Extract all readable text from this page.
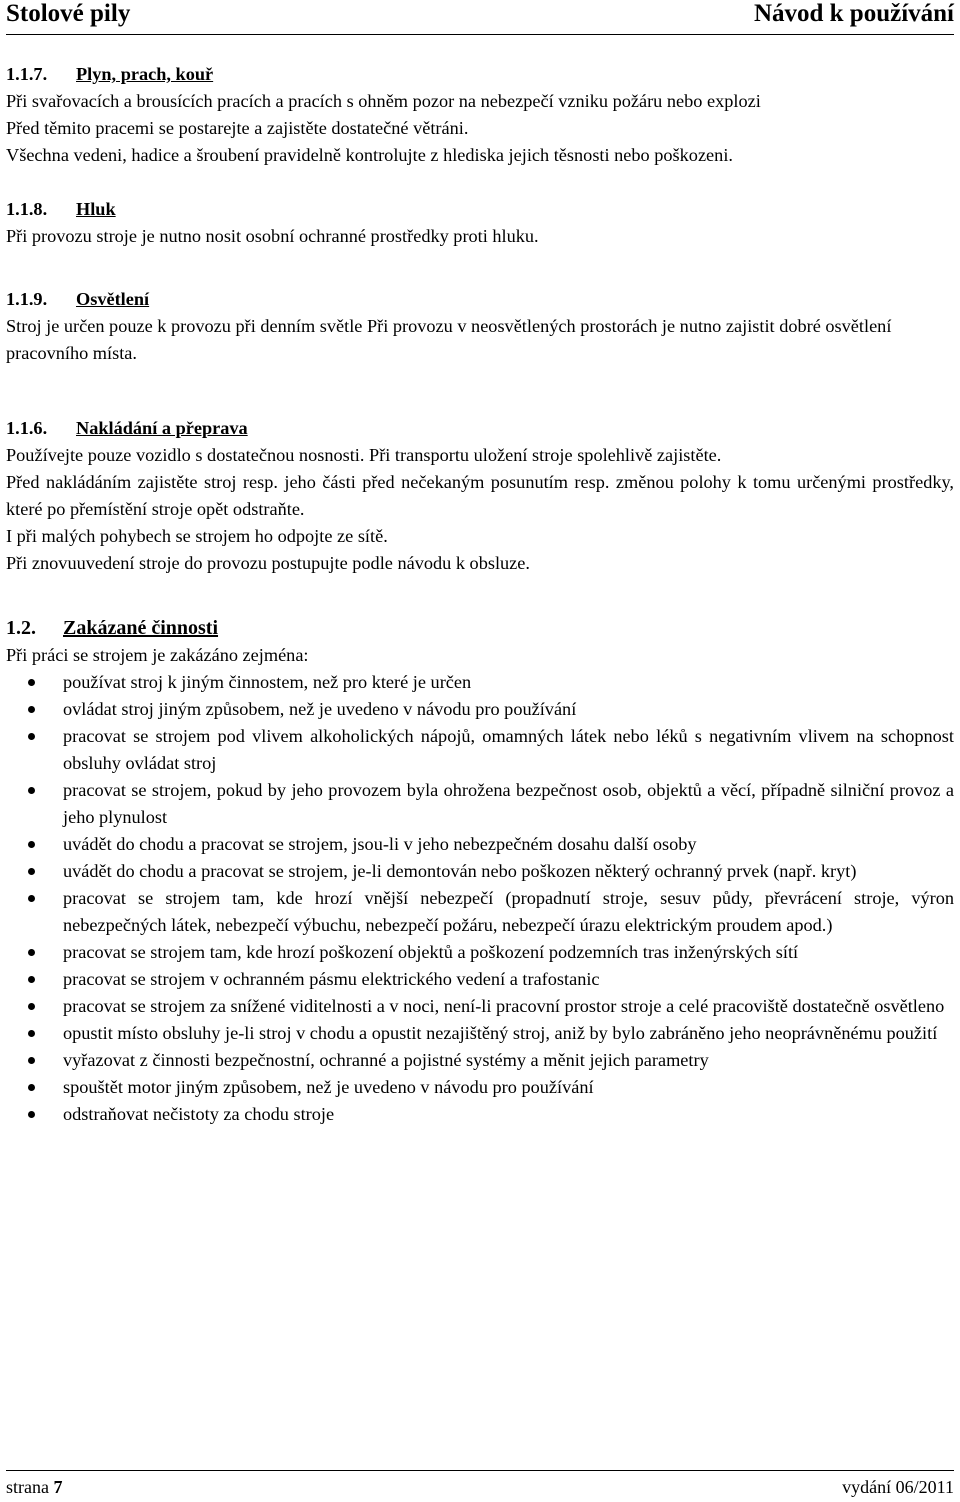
Stolové pily	Návod k používání
1.1.7. Plyn, prach, kouř

Při svařovacích a brousících pracích a pracích s ohněm pozor na nebezpečí vzniku požáru nebo explozi

Před těmito pracemi se postarejte a zajistěte dostatečné větráni.

Všechna vedeni, hadice a šroubení pravidelně kontrolujte z hlediska jejich těsnosti nebo poškozeni.

1.1.8. Hluk

Při provozu stroje je nutno nosit osobní ochranné prostředky proti hluku.

1.1.9. Osvětlení

Stroj je určen pouze k provozu při denním světle Při provozu v neosvětlených prostorách je nutno zajistit dobré osvětlení pracovního místa.

1.1.6. Nakládání a přeprava

Používejte pouze vozidlo s dostatečnou nosnosti. Při transportu uložení stroje spolehlivě zajistěte.

Před nakládáním zajistěte stroj resp. jeho části před nečekaným posunutím resp. změnou polohy k tomu určenými prostředky, které po přemístění stroje opět odstraňte.

I při malých pohybech se strojem ho odpojte ze sítě.

Při znovuuvedení stroje do provozu postupujte podle návodu k obsluze.

1.2. Zakázané činnosti

Při práci se strojem je zakázáno zejména:

používat stroj k jiným činnostem, než pro které je určen
ovládat stroj jiným způsobem, než je uvedeno v návodu pro používání
pracovat se strojem pod vlivem alkoholických nápojů, omamných látek nebo léků s negativním vlivem na schopnost obsluhy ovládat stroj
pracovat se strojem, pokud by jeho provozem byla ohrožena bezpečnost osob, objektů a věcí, případně silniční provoz a jeho plynulost
uvádět do chodu a pracovat se strojem, jsou-li v jeho nebezpečném dosahu další osoby
uvádět do chodu a pracovat se strojem, je-li demontován nebo poškozen některý ochranný prvek (např. kryt)
pracovat se strojem tam, kde hrozí vnější nebezpečí (propadnutí stroje, sesuv půdy, převrácení stroje, výron nebezpečných látek, nebezpečí výbuchu, nebezpečí požáru, nebezpečí úrazu elektrickým proudem apod.)
pracovat se strojem tam, kde hrozí poškození objektů a poškození podzemních tras inženýrských sítí
pracovat se strojem v ochranném pásmu elektrického vedení a trafostanic
pracovat se strojem za snížené viditelnosti a v noci, není-li pracovní prostor stroje a celé pracoviště dostatečně osvětleno
opustit místo obsluhy je-li stroj v chodu a opustit nezajištěný stroj, aniž by bylo zabráněno jeho neoprávněnému použití
vyřazovat z činnosti bezpečnostní, ochranné a pojistné systémy a měnit jejich parametry
spouštět motor jiným způsobem, než je uvedeno v návodu pro používání
odstraňovat nečistoty za chodu stroje
strana 7	vydání 06/2011
